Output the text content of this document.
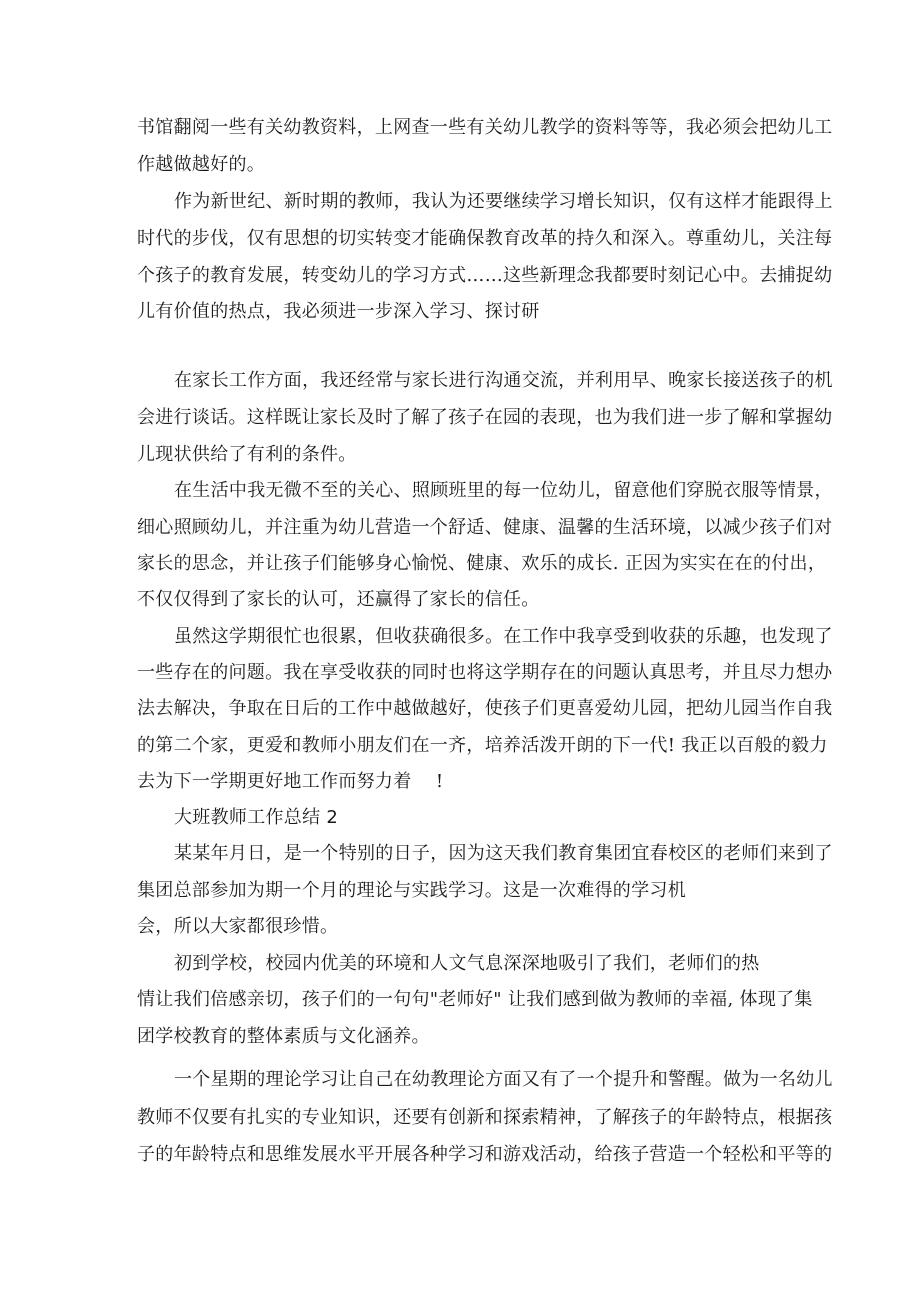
书馆翻阅一些有关幼教资料，上网查一些有关幼儿教学的资料等等，我必须会把幼儿工
作越做越好的。
作为新世纪、新时期的教师，我认为还要继续学习增长知识，仅有这样才能跟得上
时代的步伐，仅有思想的切实转变才能确保教育改革的持久和深入。尊重幼儿，关注每
个孩子的教育发展，转变幼儿的学习方式……这些新理念我都要时刻记心中。去捕捉幼
儿有价值的热点，我必须进一步深入学习、探讨研
在家长工作方面，我还经常与家长进行沟通交流，并利用早、晚家长接送孩子的机
会进行谈话。这样既让家长及时了解了孩子在园的表现，也为我们进一步了解和掌握幼
儿现状供给了有利的条件。
在生活中我无微不至的关心、照顾班里的每一位幼儿，留意他们穿脱衣服等情景，
细心照顾幼儿，并注重为幼儿营造一个舒适、健康、温馨的生活环境，以减少孩子们对
家长的思念，并让孩子们能够身心愉悦、健康、欢乐的成长. 正因为实实在在的付出，
不仅仅得到了家长的认可，还赢得了家长的信任。
虽然这学期很忙也很累，但收获确很多。在工作中我享受到收获的乐趣，也发现了
一些存在的问题。我在享受收获的同时也将这学期存在的问题认真思考，并且尽力想办
法去解决，争取在日后的工作中越做越好，使孩子们更喜爱幼儿园，把幼儿园当作自我
的第二个家，更爱和教师小朋友们在一齐，培养活泼开朗的下一代! 我正以百般的毅力
去为下一学期更好地工作而努力着　 !
大班教师工作总结 2
某某年月日，是一个特别的日子，因为这天我们教育集团宜春校区的老师们来到了
集团总部参加为期一个月的理论与实践学习。这是一次难得的学习机
会，所以大家都很珍惜。
初到学校，校园内优美的环境和人文气息深深地吸引了我们，老师们的热
情让我们倍感亲切，孩子们的一句句"老师好" 让我们感到做为教师的幸福, 体现了集
团学校教育的整体素质与文化涵养。
一个星期的理论学习让自己在幼教理论方面又有了一个提升和警醒。做为一名幼儿
教师不仅要有扎实的专业知识，还要有创新和探索精神，了解孩子的年龄特点，根据孩
子的年龄特点和思维发展水平开展各种学习和游戏活动，给孩子营造一个轻松和平等的
